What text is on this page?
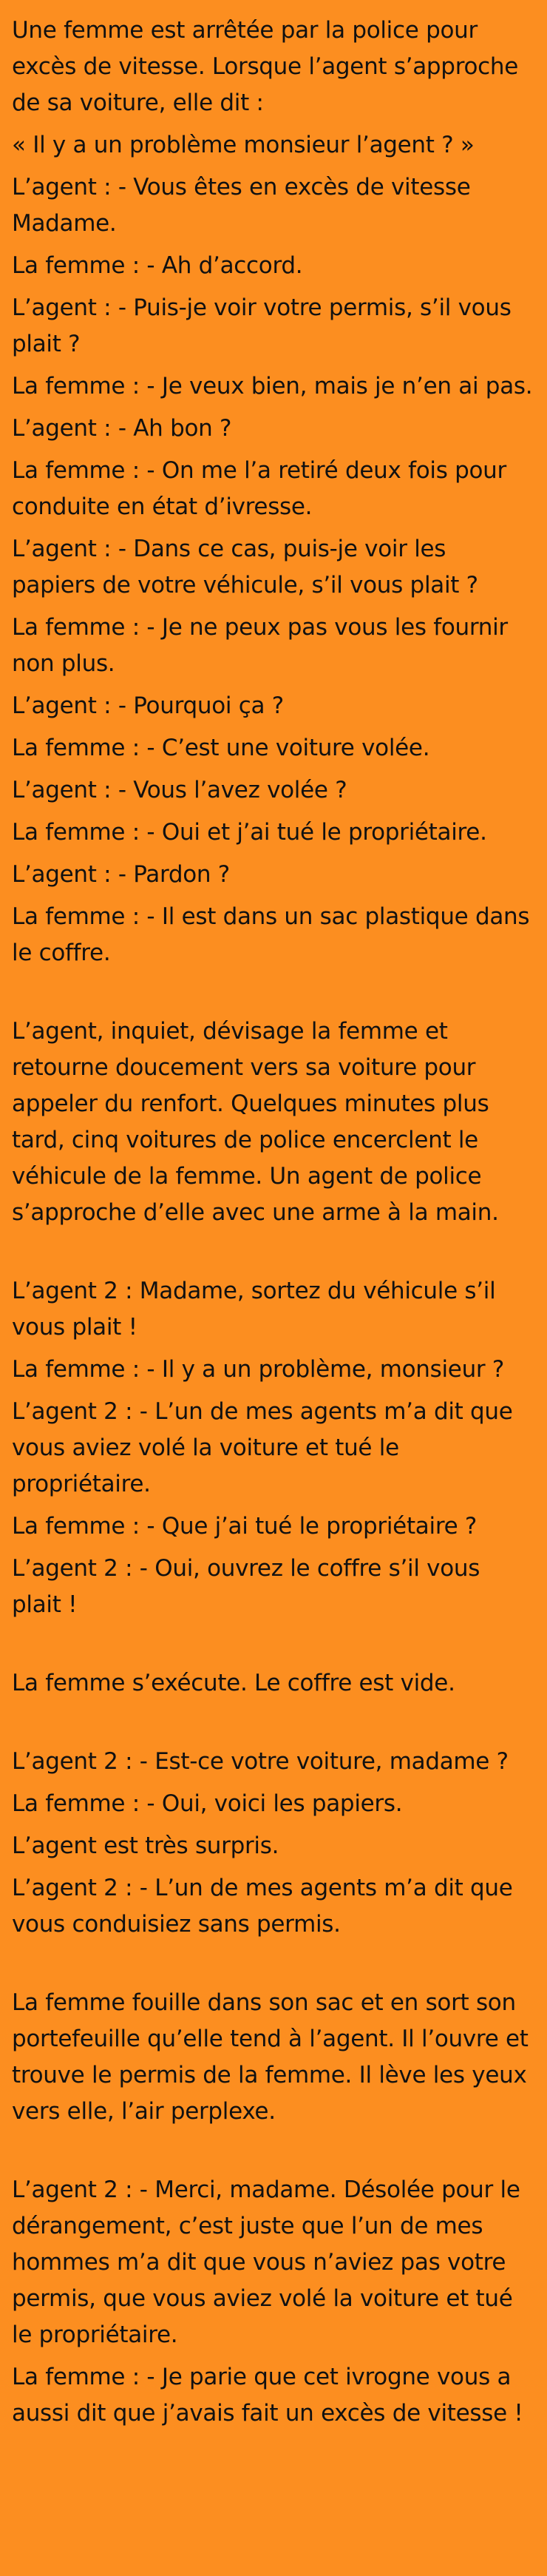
Une femme est arrêtée par la police pour excès de vitesse. Lorsque l’agent s’approche de sa voiture, elle dit :

« Il y a un problème monsieur l’agent ? »

L’agent : - Vous êtes en excès de vitesse Madame.

La femme : - Ah d’accord.

L’agent : - Puis-je voir votre permis, s’il vous plait ?

La femme : - Je veux bien, mais je n’en ai pas.

L’agent : - Ah bon ?

La femme : - On me l’a retiré deux fois pour conduite en état d’ivresse.

L’agent : - Dans ce cas, puis-je voir les papiers de votre véhicule, s’il vous plait ?

La femme : - Je ne peux pas vous les fournir non plus.

L’agent : - Pourquoi ça ?

La femme : - C’est une voiture volée.

L’agent : - Vous l’avez volée ?

La femme : - Oui et j’ai tué le propriétaire.

L’agent : - Pardon ?

La femme : - Il est dans un sac plastique dans le coffre.

L’agent, inquiet, dévisage la femme et retourne doucement vers sa voiture pour appeler du renfort. Quelques minutes plus tard, cinq voitures de police encerclent le véhicule de la femme. Un agent de police s’approche d’elle avec une arme à la main.

L’agent 2 : Madame, sortez du véhicule s’il vous plait !

La femme : - Il y a un problème, monsieur ?

L’agent 2 : - L’un de mes agents m’a dit que vous aviez volé la voiture et tué le propriétaire.

La femme : - Que j’ai tué le propriétaire ?

L’agent 2 : - Oui, ouvrez le coffre s’il vous plait !

La femme s’exécute. Le coffre est vide.

L’agent 2 : - Est-ce votre voiture, madame ?

La femme : - Oui, voici les papiers.

L’agent est très surpris.

L’agent 2 : - L’un de mes agents m’a dit que vous conduisiez sans permis.

La femme fouille dans son sac et en sort son portefeuille qu’elle tend à l’agent. Il l’ouvre et trouve le permis de la femme. Il lève les yeux vers elle, l’air perplexe.

L’agent 2 : - Merci, madame. Désolée pour le dérangement, c’est juste que l’un de mes hommes m’a dit que vous n’aviez pas votre permis, que vous aviez volé la voiture et tué le propriétaire.

La femme : - Je parie que cet ivrogne vous a aussi dit que j’avais fait un excès de vitesse !
